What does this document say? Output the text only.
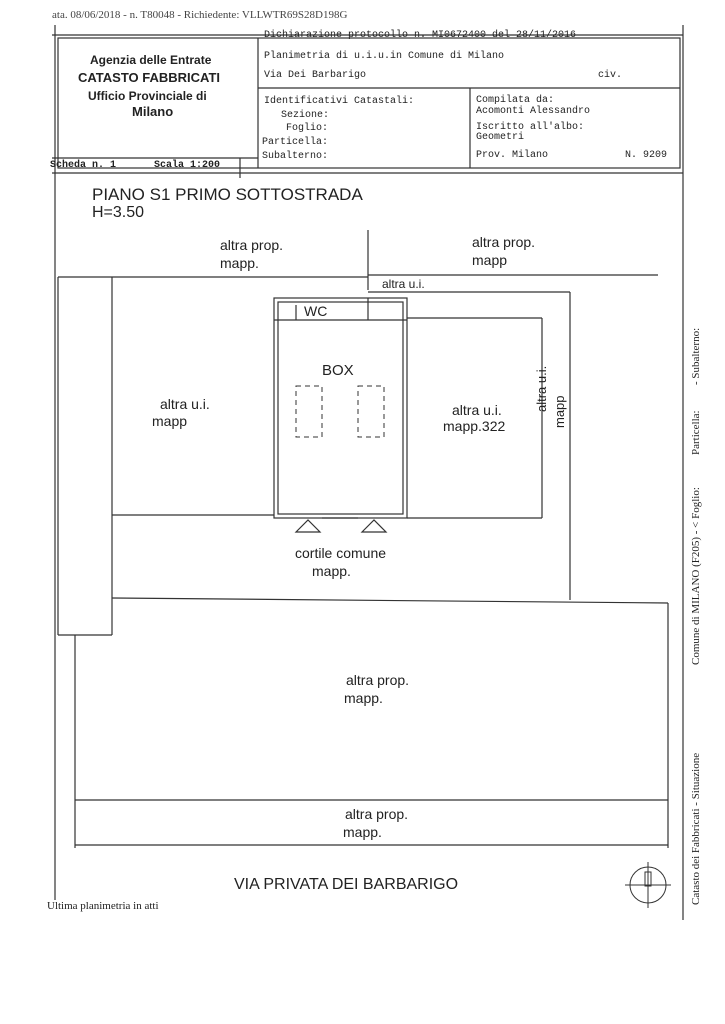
ata. 08/06/2018 - n. T80048 - Richiedente: VLLWTR69S28D198G
Agenzia delle Entrate
CATASTO FABBRICATI
Ufficio Provinciale di
Milano
Dichiarazione protocollo n. MI0672400 del 28/11/2016
Planimetria di u.i.u.in Comune di Milano
Via Dei Barbarigo	civ.
Identificativi Catastali:
Sezione:
Foglio:
Particella:
Subalterno:
Compilata da:
Acomonti Alessandro
Iscritto all'albo:
Geometri
Prov. Milano	N. 9209
Scheda n. 1	Scala 1:200
PIANO S1 PRIMO SOTTOSTRADA
H=3.50
altra prop.
mapp.
altra prop.
mapp
altra u.i.
WC
BOX
altra u.i.
mapp
altra u.i.
mapp.322
altra u.i. mapp
cortile comune
mapp.
altra prop.
mapp.
altra prop.
mapp.
VIA PRIVATA DEI BARBARIGO
Ultima planimetria in atti
Catasto dei Fabbricati - Situazione
Comune di MILANO (F205) - < Foglio:
Particella:
- Subalterno:
